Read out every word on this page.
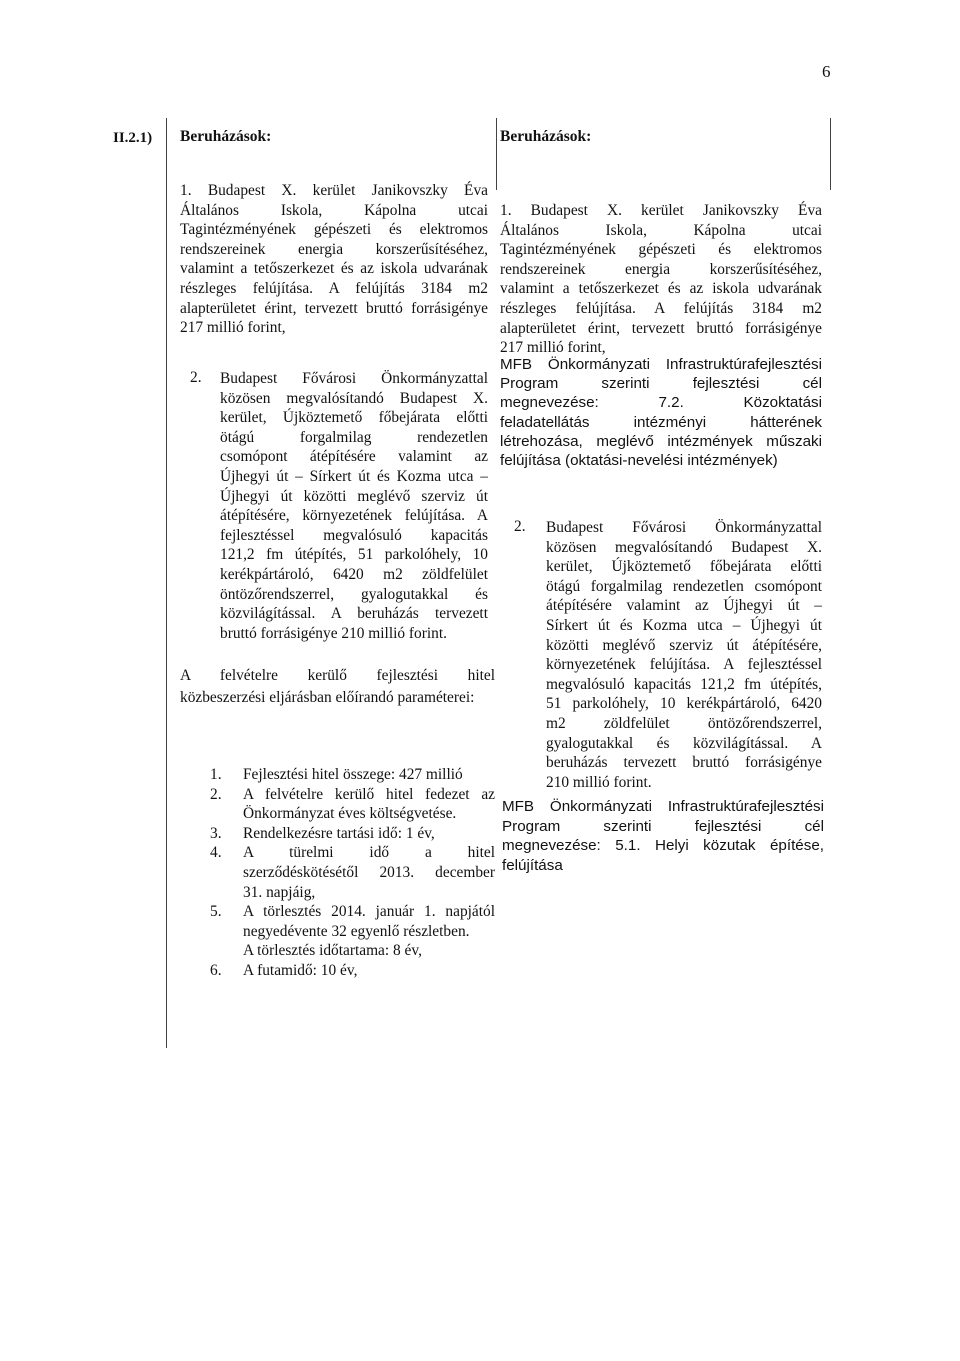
6
II.2.1) Beruházások:	Beruházások:
1. Budapest X. kerület Janikovszky Éva
Általános Iskola, Kápolna utcai
Tagintézményének gépészeti és elektromos
rendszereinek energia korszerűsítéséhez,
valamint a tetőszerkezet és az iskola udvarának
részleges felújítása. A felújítás 3184 m2
alapterületet érint, tervezett bruttó forrásigénye
217 millió forint,
2. Budapest Fővárosi Önkormányzattal
közösen megvalósítandó Budapest X.
kerület, Újköztemető főbejárata előtti
ötágú forgalmilag rendezetlen
csomópont átépítésére valamint az
Újhegyi út – Sírkert út és Kozma utca –
Újhegyi út közötti meglévő szerviz út
átépítésére, környezetének felújítása. A
fejlesztéssel megvalósuló kapacitás
121,2 fm útépítés, 51 parkolóhely, 10
kerékpártároló, 6420 m2 zöldfelület
öntözőrendszerrel, gyalogutakkal és
közvilágítással. A beruházás tervezett
bruttó forrásigénye 210 millió forint.
A felvételre kerülő fejlesztési hitel
közbeszerzési eljárásban előírandó paraméterei:
1. Fejlesztési hitel összege: 427 millió
2. A felvételre kerülő hitel fedezet az
Önkormányzat éves költségvetése.
3. Rendelkezésre tartási idő: 1 év,
4. A türelmi idő a hitel
szerződéskötésétől 2013. december
31. napjáig,
5. A törlesztés 2014. január 1. napjától
negyedévente 32 egyenlő részletben.
A törlesztés időtartama: 8 év,
6. A futamidő: 10 év,
1. Budapest X. kerület Janikovszky Éva
Általános Iskola, Kápolna utcai
Tagintézményének gépészeti és elektromos
rendszereinek energia korszerűsítéséhez,
valamint a tetőszerkezet és az iskola udvarának
részleges felújítása. A felújítás 3184 m2
alapterületet érint, tervezett bruttó forrásigénye
217 millió forint,
MFB Önkormányzati Infrastruktúrafejlesztési
Program szerinti fejlesztési cél
megnevezése: 7.2. Közoktatási
feladatellátás intézményi hátterének
létrehozása, meglévő intézmények műszaki
felújítása (oktatási-nevelési intézmények)
2. Budapest Fővárosi Önkormányzattal
közösen megvalósítandó Budapest X.
kerület, Újköztemető főbejárata előtti
ötágú forgalmilag rendezetlen csomópont
átépítésére valamint az Újhegyi út –
Sírkert út és Kozma utca – Újhegyi út
közötti meglévő szerviz út átépítésére,
környezetének felújítása. A fejlesztéssel
megvalósuló kapacitás 121,2 fm útépítés,
51 parkolóhely, 10 kerékpártároló, 6420
m2 zöldfelület öntözőrendszerrel,
gyalogutakkal és közvilágítással. A
beruházás tervezett bruttó forrásigénye
210 millió forint.
MFB Önkormányzati Infrastruktúrafejlesztési
Program szerinti fejlesztési cél
megnevezése: 5.1. Helyi közutak építése,
felújítása
